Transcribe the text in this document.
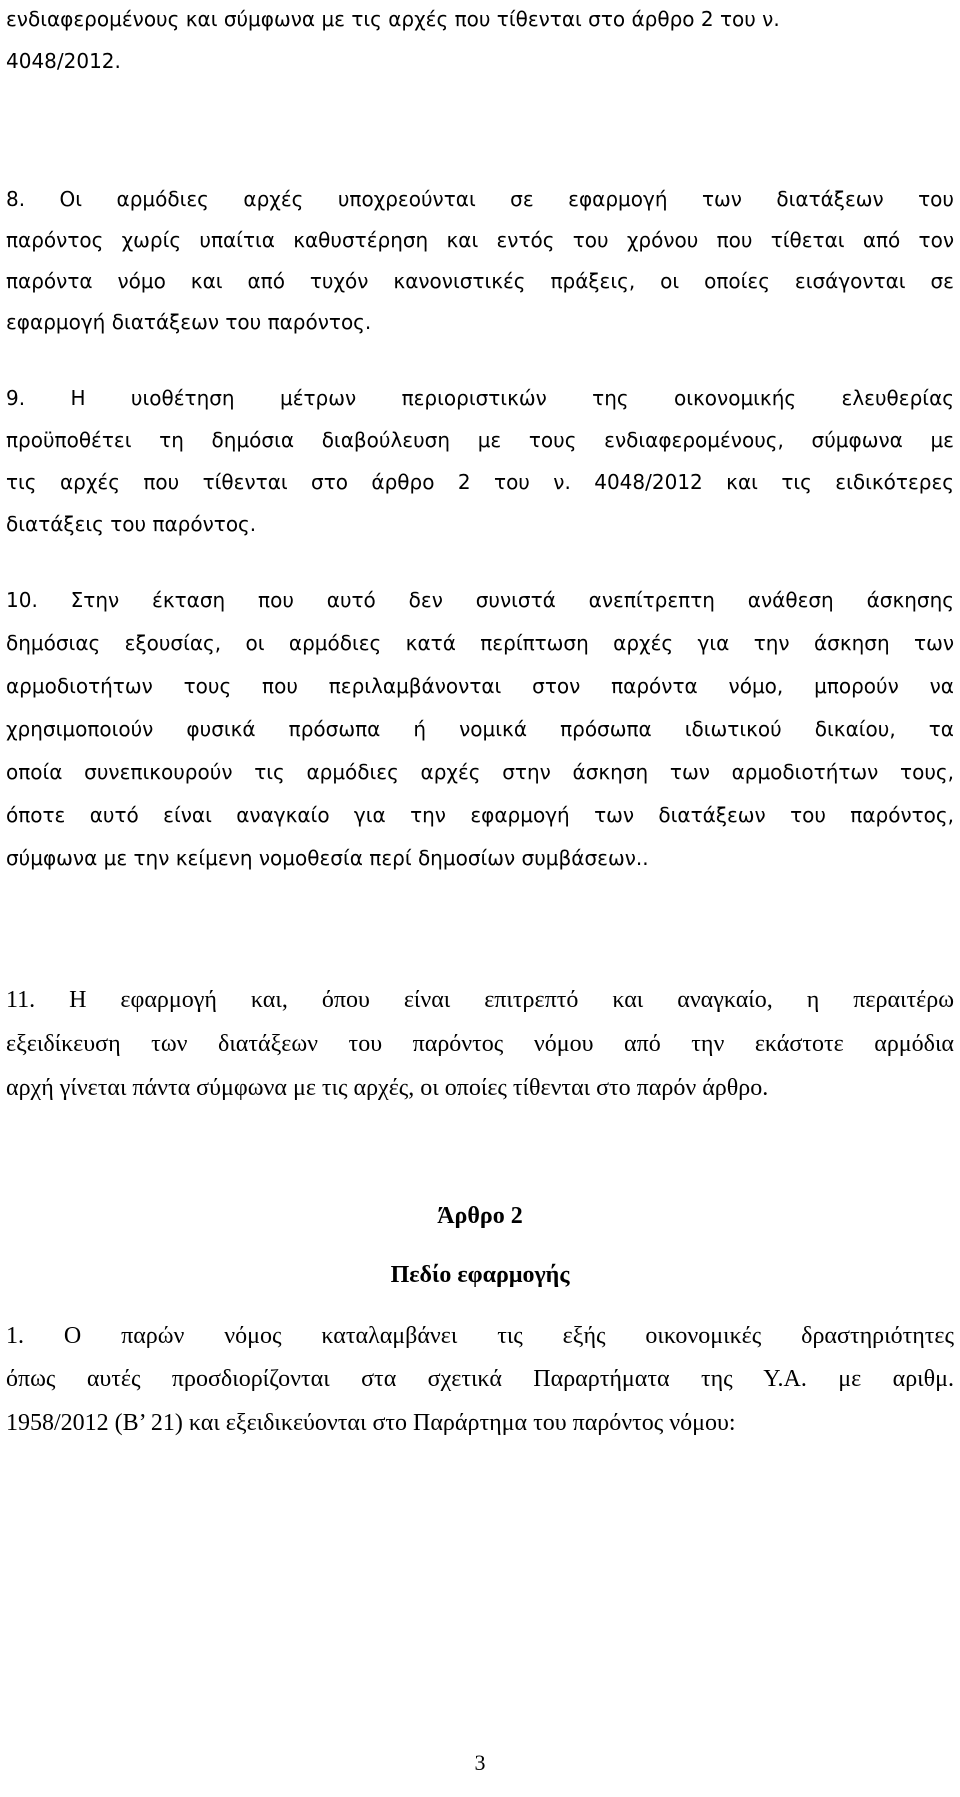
ενδιαφερομένους και σύμφωνα με τις αρχές που τίθενται στο άρθρο 2 του ν.

4048/2012.

8. Οι αρμόδιες αρχές υποχρεούνται σε εφαρμογή των διατάξεων του

παρόντος χωρίς υπαίτια καθυστέρηση και εντός του χρόνου που τίθεται από τον

παρόντα νόμο και από τυχόν κανονιστικές πράξεις, οι οποίες εισάγονται σε

εφαρμογή διατάξεων του παρόντος.

9. Η υιοθέτηση μέτρων περιοριστικών της οικονομικής ελευθερίας

προϋποθέτει τη δημόσια διαβούλευση με τους ενδιαφερομένους, σύμφωνα με

τις αρχές που τίθενται στο άρθρο 2 του ν. 4048/2012 και τις ειδικότερες

διατάξεις του παρόντος.

10. Στην έκταση που αυτό δεν συνιστά ανεπίτρεπτη ανάθεση άσκησης

δημόσιας εξουσίας, οι αρμόδιες κατά περίπτωση αρχές για την άσκηση των

αρμοδιοτήτων τους που περιλαμβάνονται στον παρόντα νόμο, μπορούν να

χρησιμοποιούν φυσικά πρόσωπα ή νομικά πρόσωπα ιδιωτικού δικαίου, τα

οποία συνεπικουρούν τις αρμόδιες αρχές στην άσκηση των αρμοδιοτήτων τους,

όποτε αυτό είναι αναγκαίο για την εφαρμογή των διατάξεων του παρόντος,

σύμφωνα με την κείμενη νομοθεσία περί δημοσίων συμβάσεων..

11. Η εφαρμογή και, όπου είναι επιτρεπτό και αναγκαίο, η περαιτέρω

εξειδίκευση των διατάξεων του παρόντος νόμου από την εκάστοτε αρμόδια

αρχή γίνεται πάντα σύμφωνα με τις αρχές, οι οποίες τίθενται στο παρόν άρθρο.

Άρθρο 2

Πεδίο εφαρμογής

1. Ο παρών νόμος καταλαμβάνει τις εξής οικονομικές δραστηριότητες

όπως αυτές προσδιορίζονται στα σχετικά Παραρτήματα της Υ.Α. με αριθμ.

1958/2012 (Β’ 21) και εξειδικεύονται στο Παράρτημα του παρόντος νόμου:

3
